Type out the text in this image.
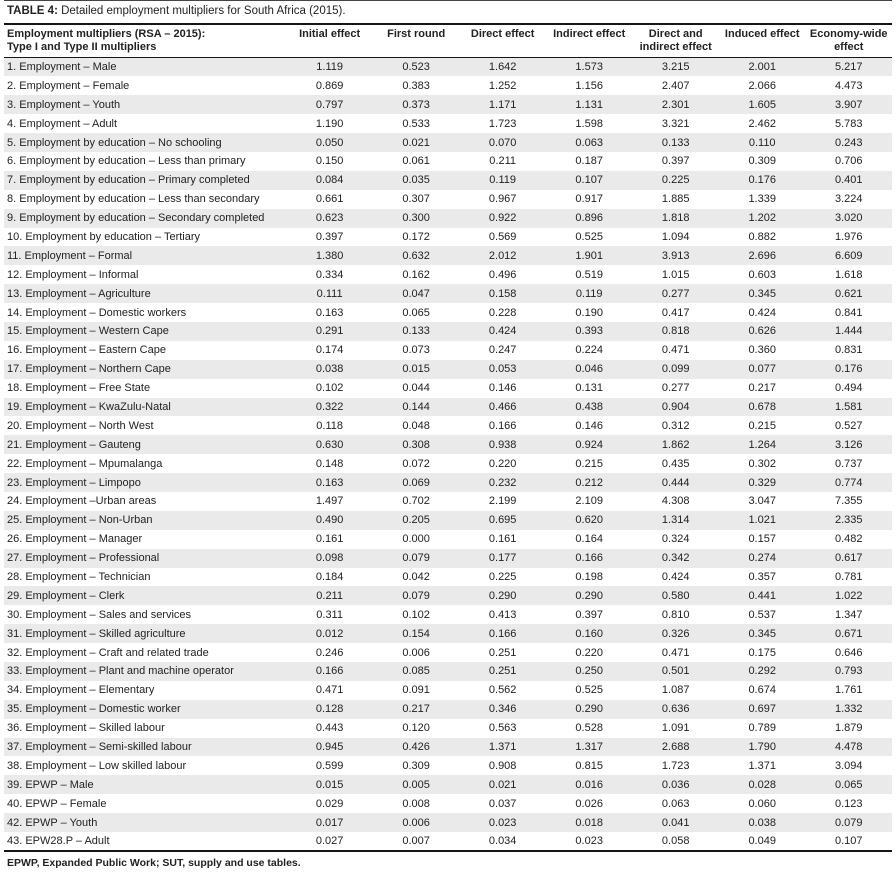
TABLE 4: Detailed employment multipliers for South Africa (2015).
Employment multipliers (RSA – 2015):
Type I and Type II multipliers	Initial effect	First round	Direct effect	Indirect effect	Direct and indirect effect	Induced effect	Economy-wide effect
1. Employment – Male	1.119	0.523	1.642	1.573	3.215	2.001	5.217
2. Employment – Female	0.869	0.383	1.252	1.156	2.407	2.066	4.473
3. Employment – Youth	0.797	0.373	1.171	1.131	2.301	1.605	3.907
4. Employment – Adult	1.190	0.533	1.723	1.598	3.321	2.462	5.783
5. Employment by education – No schooling	0.050	0.021	0.070	0.063	0.133	0.110	0.243
6. Employment by education – Less than primary	0.150	0.061	0.211	0.187	0.397	0.309	0.706
7. Employment by education – Primary completed	0.084	0.035	0.119	0.107	0.225	0.176	0.401
8. Employment by education – Less than secondary	0.661	0.307	0.967	0.917	1.885	1.339	3.224
9. Employment by education – Secondary completed	0.623	0.300	0.922	0.896	1.818	1.202	3.020
10. Employment by education – Tertiary	0.397	0.172	0.569	0.525	1.094	0.882	1.976
11. Employment – Formal	1.380	0.632	2.012	1.901	3.913	2.696	6.609
12. Employment – Informal	0.334	0.162	0.496	0.519	1.015	0.603	1.618
13. Employment – Agriculture	0.111	0.047	0.158	0.119	0.277	0.345	0.621
14. Employment – Domestic workers	0.163	0.065	0.228	0.190	0.417	0.424	0.841
15. Employment – Western Cape	0.291	0.133	0.424	0.393	0.818	0.626	1.444
16. Employment – Eastern Cape	0.174	0.073	0.247	0.224	0.471	0.360	0.831
17. Employment – Northern Cape	0.038	0.015	0.053	0.046	0.099	0.077	0.176
18. Employment – Free State	0.102	0.044	0.146	0.131	0.277	0.217	0.494
19. Employment – KwaZulu-Natal	0.322	0.144	0.466	0.438	0.904	0.678	1.581
20. Employment – North West	0.118	0.048	0.166	0.146	0.312	0.215	0.527
21. Employment – Gauteng	0.630	0.308	0.938	0.924	1.862	1.264	3.126
22. Employment – Mpumalanga	0.148	0.072	0.220	0.215	0.435	0.302	0.737
23. Employment – Limpopo	0.163	0.069	0.232	0.212	0.444	0.329	0.774
24. Employment –Urban areas	1.497	0.702	2.199	2.109	4.308	3.047	7.355
25. Employment – Non-Urban	0.490	0.205	0.695	0.620	1.314	1.021	2.335
26. Employment – Manager	0.161	0.000	0.161	0.164	0.324	0.157	0.482
27. Employment – Professional	0.098	0.079	0.177	0.166	0.342	0.274	0.617
28. Employment – Technician	0.184	0.042	0.225	0.198	0.424	0.357	0.781
29. Employment – Clerk	0.211	0.079	0.290	0.290	0.580	0.441	1.022
30. Employment – Sales and services	0.311	0.102	0.413	0.397	0.810	0.537	1.347
31. Employment – Skilled agriculture	0.012	0.154	0.166	0.160	0.326	0.345	0.671
32. Employment – Craft and related trade	0.246	0.006	0.251	0.220	0.471	0.175	0.646
33. Employment – Plant and machine operator	0.166	0.085	0.251	0.250	0.501	0.292	0.793
34. Employment – Elementary	0.471	0.091	0.562	0.525	1.087	0.674	1.761
35. Employment – Domestic worker	0.128	0.217	0.346	0.290	0.636	0.697	1.332
36. Employment – Skilled labour	0.443	0.120	0.563	0.528	1.091	0.789	1.879
37. Employment – Semi-skilled labour	0.945	0.426	1.371	1.317	2.688	1.790	4.478
38. Employment – Low skilled labour	0.599	0.309	0.908	0.815	1.723	1.371	3.094
39. EPWP – Male	0.015	0.005	0.021	0.016	0.036	0.028	0.065
40. EPWP – Female	0.029	0.008	0.037	0.026	0.063	0.060	0.123
42. EPWP – Youth	0.017	0.006	0.023	0.018	0.041	0.038	0.079
43. EPW28.P – Adult	0.027	0.007	0.034	0.023	0.058	0.049	0.107
EPWP, Expanded Public Work; SUT, supply and use tables.
